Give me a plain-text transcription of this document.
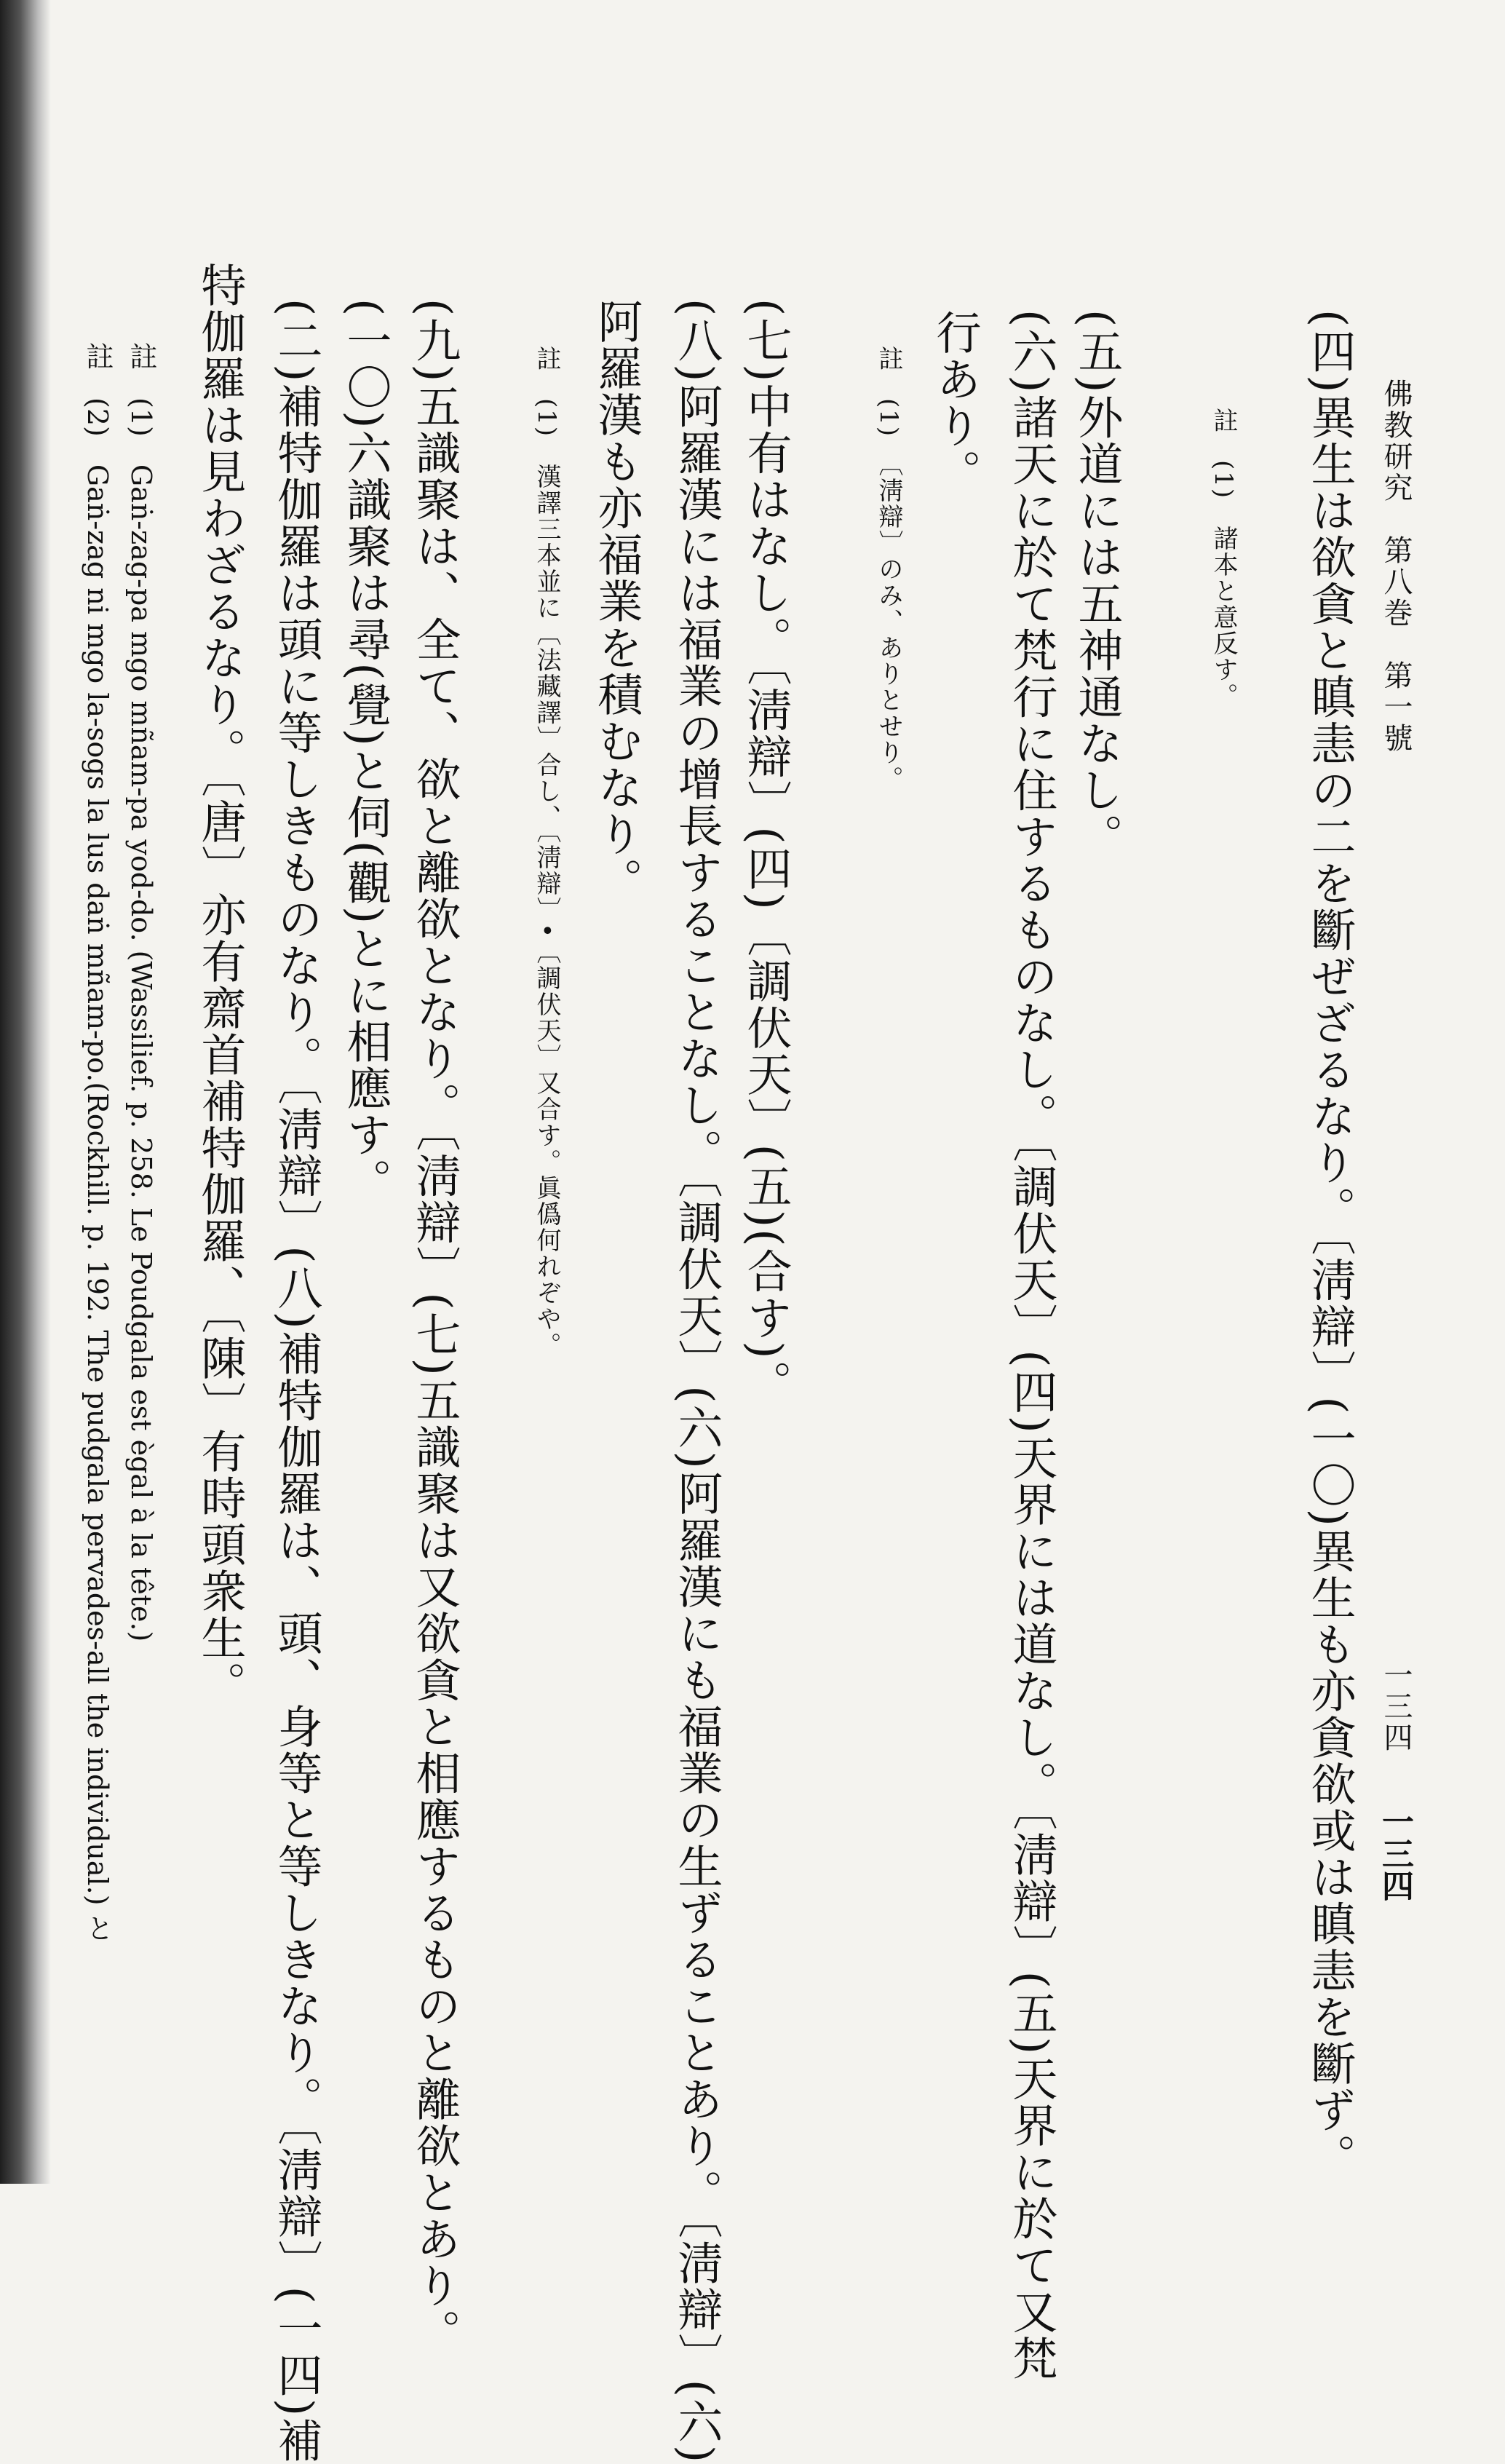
佛教研究　第八巻　第一號
一三四
一三四
(四)異生は欲貪と瞋恚の二を斷ぜざるなり。〔淸辯〕(一〇)異生も亦貪欲或は瞋恚を斷ず。
註　(1)　諸本と意反す。
(五)外道には五神通なし。
(六)諸天に於て梵行に住するものなし。〔調伏天〕(四)天界には道なし。〔淸辯〕(五)天界に於て又梵
行あり。
註　(1)　〔淸辯〕のみ、ありとせり。
(七)中有はなし。〔淸辯〕(四)〔調伏天〕(五)(合す)。
(八)阿羅漢には福業の增長することなし。〔調伏天〕(六)阿羅漢にも福業の生ずることあり。〔淸辯〕(六)
阿羅漢も亦福業を積むなり。
註　(1)　漢譯三本並に〔法藏譯〕合し、〔淸辯〕•〔調伏天〕又合す。眞僞何れぞや。
(九)五識聚は、全て、欲と離欲となり。〔淸辯〕(七)五識聚は又欲貪と相應するものと離欲とあり。
(一〇)六識聚は尋(覺)と伺(觀)とに相應す。
(二)補特伽羅は頭に等しきものなり。〔淸辯〕(八)補特伽羅は、頭、身等と等しきなり。〔淸辯〕(一四)補
特伽羅は見わざるなり。〔唐〕亦有齋首補特伽羅、〔陳〕有時頭衆生。
註　(1)　Gaṅ-zag-pa mgo mñam-pa yod-do. (Wassilief. p. 258. Le Poudgala est ègal à la tête.)
註　(2)　Gaṅ-zag ni mgo la-sogs la lus daṅ mñam-po.(Rockhill. p. 192. The pudgala pervades-all the individual.) と
